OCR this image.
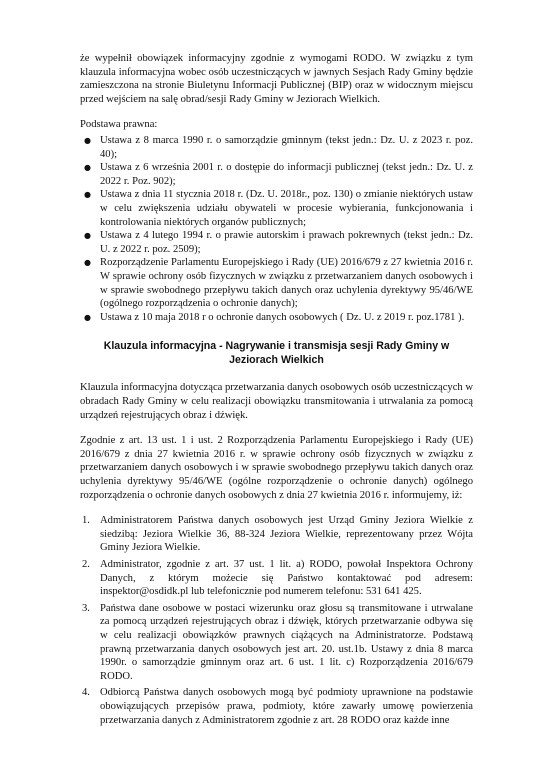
że wypełnił obowiązek informacyjny zgodnie z wymogami RODO. W związku z tym klauzula informacyjna wobec osób uczestniczących w jawnych Sesjach Rady Gminy będzie zamieszczona na stronie Biuletynu Informacji Publicznej (BIP) oraz w widocznym miejscu przed wejściem na salę obrad/sesji Rady Gminy w Jeziorach Wielkich.

Podstawa prawna:

● Ustawa z 8 marca 1990 r. o samorządzie gminnym (tekst jedn.: Dz. U. z 2023 r. poz. 40);
● Ustawa z 6 września 2001 r. o dostępie do informacji publicznej (tekst jedn.: Dz. U. z 2022 r. Poz. 902);
● Ustawa z dnia 11 stycznia 2018 r. (Dz. U. 2018r., poz. 130) o zmianie niektórych ustaw w celu zwiększenia udziału obywateli w procesie wybierania, funkcjonowania i kontrolowania niektórych organów publicznych;
● Ustawa z 4 lutego 1994 r. o prawie autorskim i prawach pokrewnych (tekst jedn.: Dz. U. z 2022 r. poz. 2509);
● Rozporządzenie Parlamentu Europejskiego i Rady (UE) 2016/679 z 27 kwietnia 2016 r. W sprawie ochrony osób fizycznych w związku z przetwarzaniem danych osobowych i w sprawie swobodnego przepływu takich danych oraz uchylenia dyrektywy 95/46/WE (ogólnego rozporządzenia o ochronie danych);
● Ustawa z 10 maja 2018 r o ochronie danych osobowych ( Dz. U. z 2019 r. poz.1781 ).
Klauzula informacyjna - Nagrywanie i transmisja sesji Rady Gminy w Jeziorach Wielkich

Klauzula informacyjna dotycząca przetwarzania danych osobowych osób uczestniczących w obradach Rady Gminy w celu realizacji obowiązku transmitowania i utrwalania za pomocą urządzeń rejestrujących obraz i dźwięk.

Zgodnie z art. 13 ust. 1 i ust. 2 Rozporządzenia Parlamentu Europejskiego i Rady (UE) 2016/679 z dnia 27 kwietnia 2016 r. w sprawie ochrony osób fizycznych w związku z przetwarzaniem danych osobowych i w sprawie swobodnego przepływu takich danych oraz uchylenia dyrektywy 95/46/WE (ogólne rozporządzenie o ochronie danych) ogólnego rozporządzenia o ochronie danych osobowych z dnia 27 kwietnia 2016 r. informujemy, iż:

1. Administratorem Państwa danych osobowych jest Urząd Gminy Jeziora Wielkie z siedzibą: Jeziora Wielkie 36, 88-324 Jeziora Wielkie, reprezentowany przez Wójta Gminy Jeziora Wielkie.
2. Administrator, zgodnie z art. 37 ust. 1 lit. a) RODO, powołał Inspektora Ochrony Danych, z którym możecie się Państwo kontaktować pod adresem: inspektor@osdidk.pl lub telefonicznie pod numerem telefonu: 531 641 425.
3. Państwa dane osobowe w postaci wizerunku oraz głosu są transmitowane i utrwalane za pomocą urządzeń rejestrujących obraz i dźwięk, których przetwarzanie odbywa się w celu realizacji obowiązków prawnych ciążących na Administratorze. Podstawą prawną przetwarzania danych osobowych jest art. 20. ust.1b. Ustawy z dnia 8 marca 1990r. o samorządzie gminnym oraz art. 6 ust. 1 lit. c) Rozporządzenia 2016/679 RODO.
4. Odbiorcą Państwa danych osobowych mogą być podmioty uprawnione na podstawie obowiązujących przepisów prawa, podmioty, które zawarły umowę powierzenia przetwarzania danych z Administratorem zgodnie z art. 28 RODO oraz każde inne
